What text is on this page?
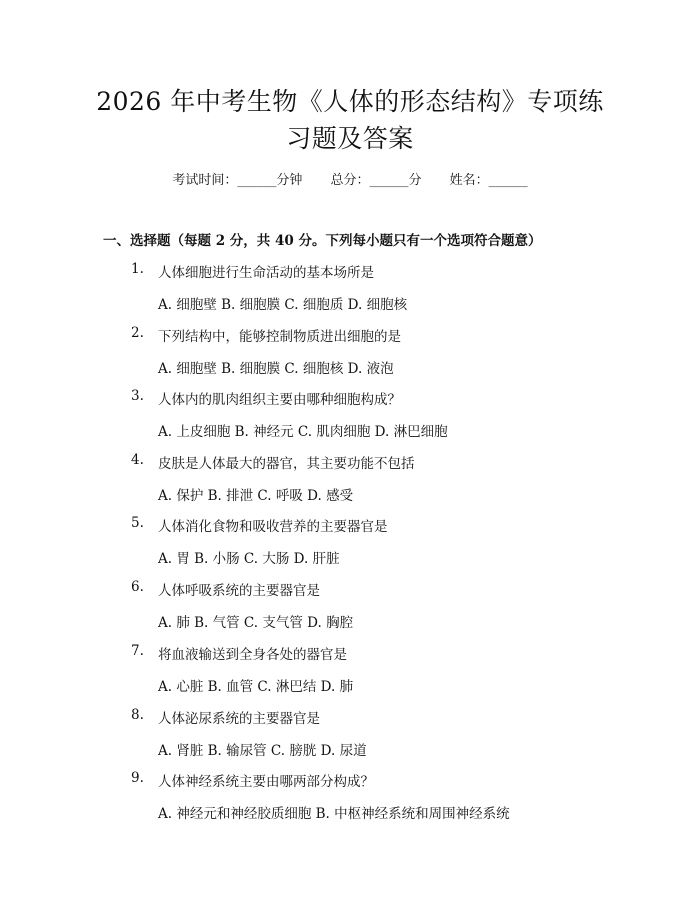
2026 年中考生物《人体的形态结构》专项练
习题及答案
考试时间：______分钟 总分：______分 姓名：______
一、选择题（每题 2 分，共 40 分。下列每小题只有一个选项符合题意）
1.	人体细胞进行生命活动的基本场所是
A. 细胞壁 B. 细胞膜 C. 细胞质 D. 细胞核
2.	下列结构中，能够控制物质进出细胞的是
A. 细胞壁 B. 细胞膜 C. 细胞核 D. 液泡
3.	人体内的肌肉组织主要由哪种细胞构成？
A. 上皮细胞 B. 神经元 C. 肌肉细胞 D. 淋巴细胞
4.	皮肤是人体最大的器官，其主要功能不包括
A. 保护 B. 排泄 C. 呼吸 D. 感受
5.	人体消化食物和吸收营养的主要器官是
A. 胃 B. 小肠 C. 大肠 D. 肝脏
6.	人体呼吸系统的主要器官是
A. 肺 B. 气管 C. 支气管 D. 胸腔
7.	将血液输送到全身各处的器官是
A. 心脏 B. 血管 C. 淋巴结 D. 肺
8.	人体泌尿系统的主要器官是
A. 肾脏 B. 输尿管 C. 膀胱 D. 尿道
9.	人体神经系统主要由哪两部分构成？
A. 神经元和神经胶质细胞 B. 中枢神经系统和周围神经系统
